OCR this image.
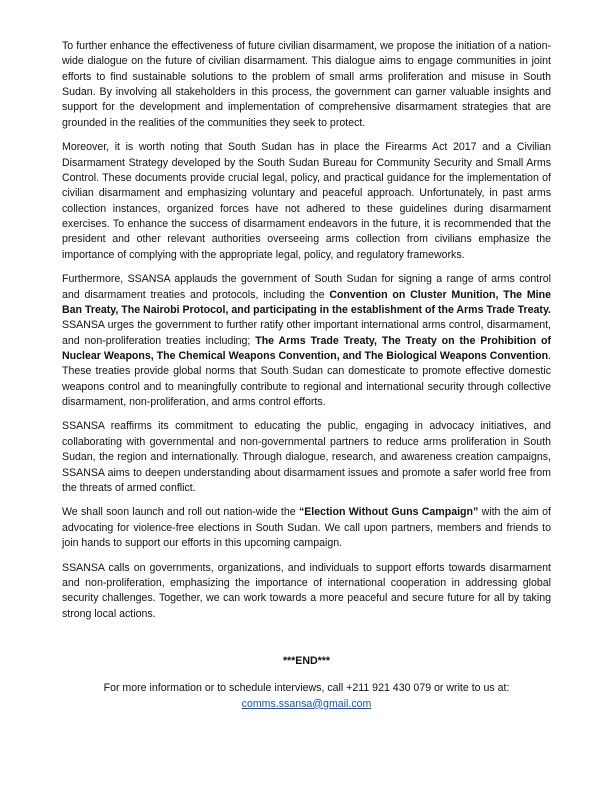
To further enhance the effectiveness of future civilian disarmament, we propose the initiation of a nation-wide dialogue on the future of civilian disarmament. This dialogue aims to engage communities in joint efforts to find sustainable solutions to the problem of small arms proliferation and misuse in South Sudan. By involving all stakeholders in this process, the government can garner valuable insights and support for the development and implementation of comprehensive disarmament strategies that are grounded in the realities of the communities they seek to protect.

Moreover, it is worth noting that South Sudan has in place the Firearms Act 2017 and a Civilian Disarmament Strategy developed by the South Sudan Bureau for Community Security and Small Arms Control. These documents provide crucial legal, policy, and practical guidance for the implementation of civilian disarmament and emphasizing voluntary and peaceful approach. Unfortunately, in past arms collection instances, organized forces have not adhered to these guidelines during disarmament exercises. To enhance the success of disarmament endeavors in the future, it is recommended that the president and other relevant authorities overseeing arms collection from civilians emphasize the importance of complying with the appropriate legal, policy, and regulatory frameworks.

Furthermore, SSANSA applauds the government of South Sudan for signing a range of arms control and disarmament treaties and protocols, including the Convention on Cluster Munition, The Mine Ban Treaty, The Nairobi Protocol, and participating in the establishment of the Arms Trade Treaty. SSANSA urges the government to further ratify other important international arms control, disarmament, and non-proliferation treaties including; The Arms Trade Treaty, The Treaty on the Prohibition of Nuclear Weapons, The Chemical Weapons Convention, and The Biological Weapons Convention. These treaties provide global norms that South Sudan can domesticate to promote effective domestic weapons control and to meaningfully contribute to regional and international security through collective disarmament, non-proliferation, and arms control efforts.

SSANSA reaffirms its commitment to educating the public, engaging in advocacy initiatives, and collaborating with governmental and non-governmental partners to reduce arms proliferation in South Sudan, the region and internationally. Through dialogue, research, and awareness creation campaigns, SSANSA aims to deepen understanding about disarmament issues and promote a safer world free from the threats of armed conflict.

We shall soon launch and roll out nation-wide the “Election Without Guns Campaign” with the aim of advocating for violence-free elections in South Sudan. We call upon partners, members and friends to join hands to support our efforts in this upcoming campaign.

SSANSA calls on governments, organizations, and individuals to support efforts towards disarmament and non-proliferation, emphasizing the importance of international cooperation in addressing global security challenges. Together, we can work towards a more peaceful and secure future for all by taking strong local actions.

***END***

For more information or to schedule interviews, call +211 921 430 079 or write to us at:

comms.ssansa@gmail.com
